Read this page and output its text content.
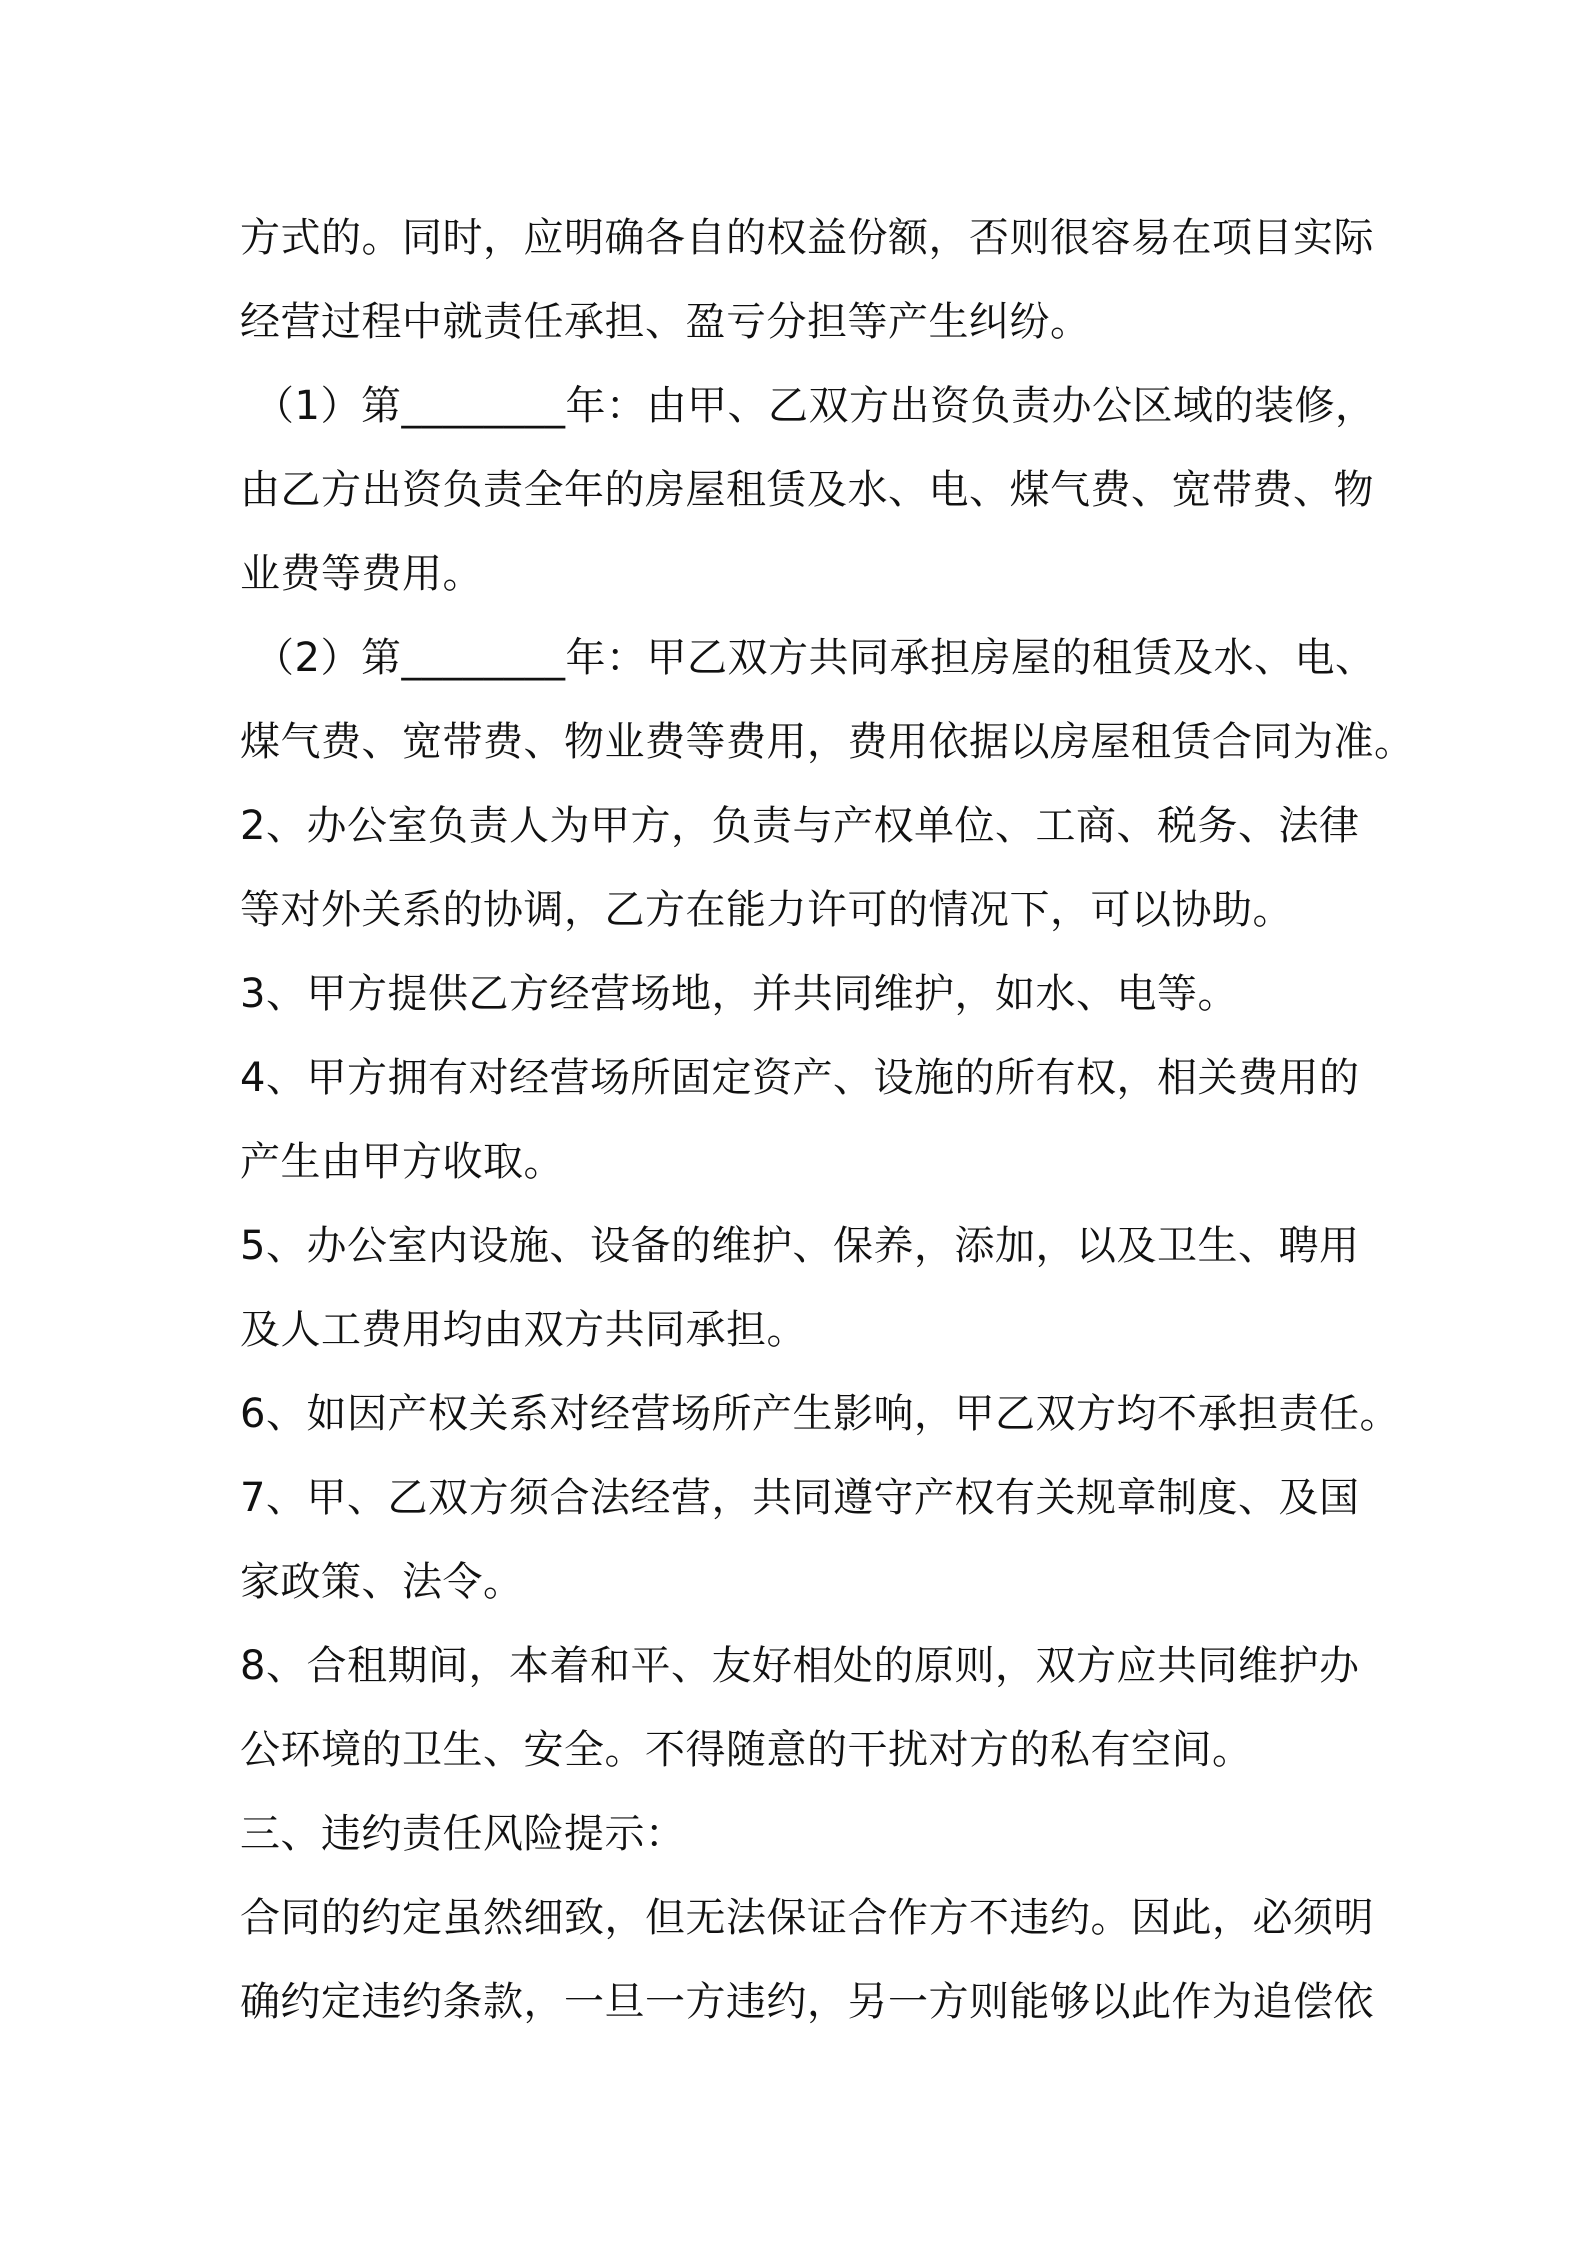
方式的。同时，应明确各自的权益份额，否则很容易在项目实际
经营过程中就责任承担、盈亏分担等产生纠纷。
（1）第________年：由甲、乙双方出资负责办公区域的装修，
由乙方出资负责全年的房屋租赁及水、电、煤气费、宽带费、物
业费等费用。
（2）第________年：甲乙双方共同承担房屋的租赁及水、电、
煤气费、宽带费、物业费等费用，费用依据以房屋租赁合同为准。
2、办公室负责人为甲方，负责与产权单位、工商、税务、法律
等对外关系的协调，乙方在能力许可的情况下，可以协助。
3、甲方提供乙方经营场地，并共同维护，如水、电等。
4、甲方拥有对经营场所固定资产、设施的所有权，相关费用的
产生由甲方收取。
5、办公室内设施、设备的维护、保养，添加，以及卫生、聘用
及人工费用均由双方共同承担。
6、如因产权关系对经营场所产生影响，甲乙双方均不承担责任。
7、甲、乙双方须合法经营，共同遵守产权有关规章制度、及国
家政策、法令。
8、合租期间，本着和平、友好相处的原则，双方应共同维护办
公环境的卫生、安全。不得随意的干扰对方的私有空间。
三、违约责任风险提示：
合同的约定虽然细致，但无法保证合作方不违约。因此，必须明
确约定违约条款，一旦一方违约，另一方则能够以此作为追偿依
